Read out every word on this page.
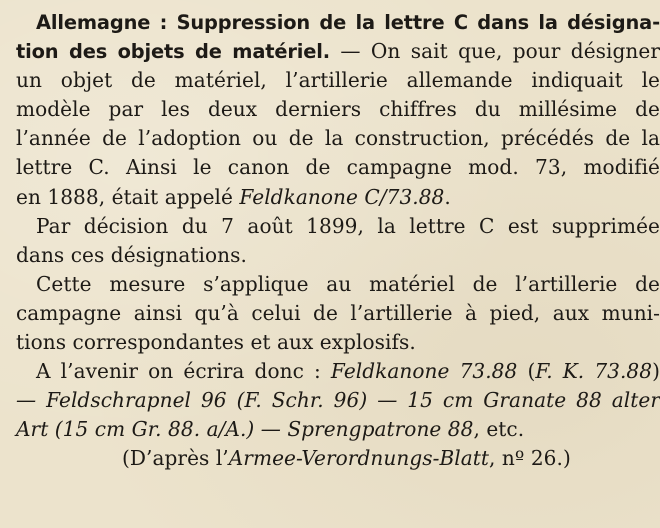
Allemagne : Suppression de la lettre C dans la désigna-
tion des objets de matériel. — On sait que, pour désigner
un objet de matériel, l’artillerie allemande indiquait le
modèle par les deux derniers chiffres du millésime de
l’année de l’adoption ou de la construction, précédés de la
lettre C. Ainsi le canon de campagne mod. 73, modifié
en 1888, était appelé Feldkanone C/73.88.
Par décision du 7 août 1899, la lettre C est supprimée
dans ces désignations.
Cette mesure s’applique au matériel de l’artillerie de
campagne ainsi qu’à celui de l’artillerie à pied, aux muni-
tions correspondantes et aux explosifs.
A l’avenir on écrira donc : Feldkanone 73.88 (F. K. 73.88)
— Feldschrapnel 96 (F. Schr. 96) — 15 cm Granate 88 alter
Art (15 cm Gr. 88. a/A.) — Sprengpatrone 88, etc.
(D’après l’Armee-Verordnungs-Blatt, nº 26.)
